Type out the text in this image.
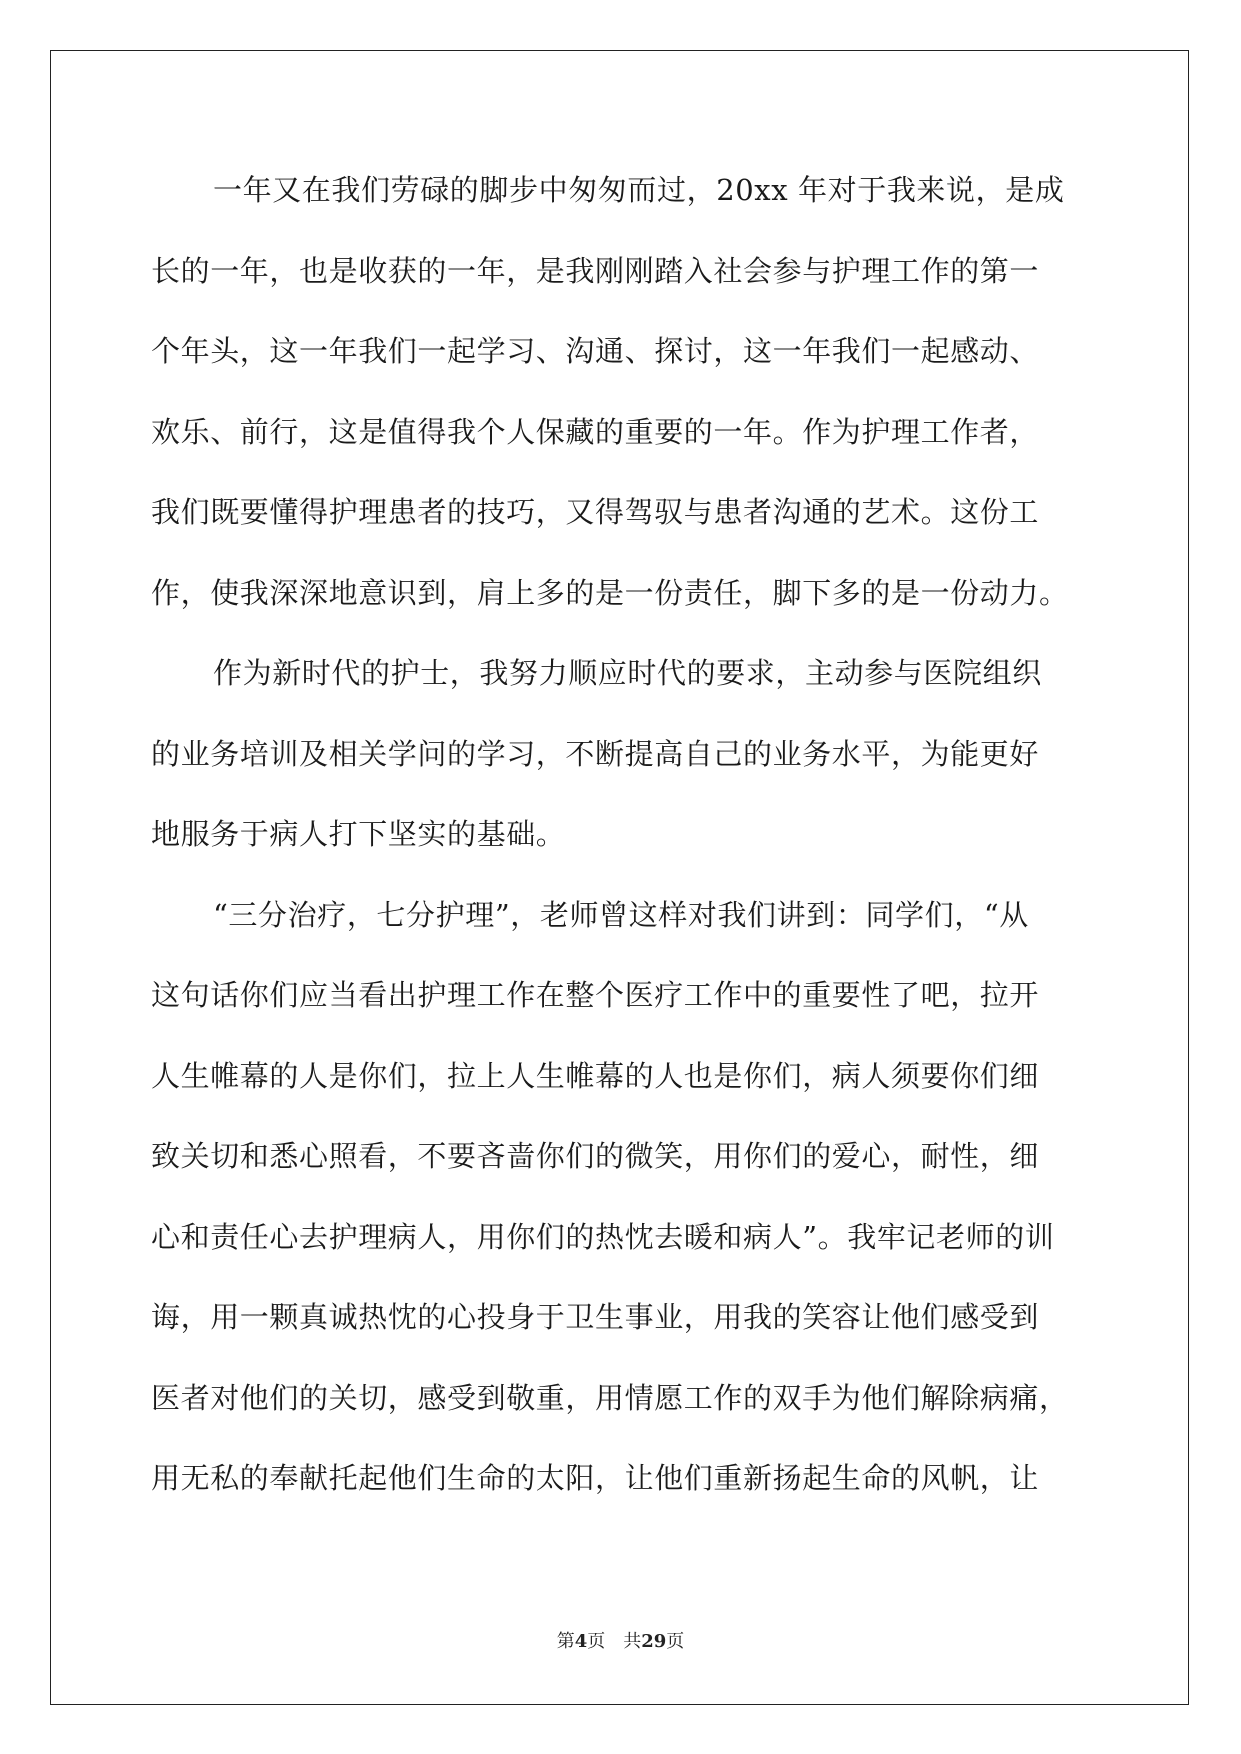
一年又在我们劳碌的脚步中匆匆而过，20xx 年对于我来说，是成
长的一年，也是收获的一年，是我刚刚踏入社会参与护理工作的第一
个年头，这一年我们一起学习、沟通、探讨，这一年我们一起感动、
欢乐、前行，这是值得我个人保藏的重要的一年。作为护理工作者，
我们既要懂得护理患者的技巧，又得驾驭与患者沟通的艺术。这份工
作，使我深深地意识到，肩上多的是一份责任，脚下多的是一份动力。
作为新时代的护士，我努力顺应时代的要求，主动参与医院组织
的业务培训及相关学问的学习，不断提高自己的业务水平，为能更好
地服务于病人打下坚实的基础。
“三分治疗，七分护理”，老师曾这样对我们讲到：同学们，“从
这句话你们应当看出护理工作在整个医疗工作中的重要性了吧，拉开
人生帷幕的人是你们，拉上人生帷幕的人也是你们，病人须要你们细
致关切和悉心照看，不要吝啬你们的微笑，用你们的爱心，耐性，细
心和责任心去护理病人，用你们的热忱去暖和病人”。我牢记老师的训
诲，用一颗真诚热忱的心投身于卫生事业，用我的笑容让他们感受到
医者对他们的关切，感受到敬重，用情愿工作的双手为他们解除病痛，
用无私的奉献托起他们生命的太阳，让他们重新扬起生命的风帆，让
第4页 共29页
